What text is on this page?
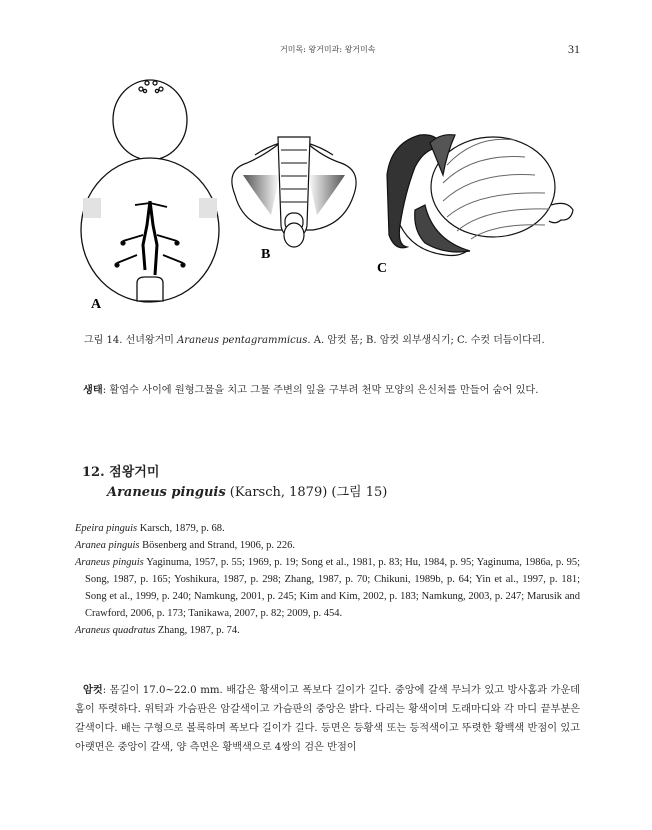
거미목: 왕거미과: 왕거미속	31
A
B
C
그림 14. 선녀왕거미 Araneus pentagrammicus. A. 암컷 몸; B. 암컷 외부생식기; C. 수컷 더듬이다리.
생태: 활엽수 사이에 원형그물을 치고 그물 주변의 잎을 구부려 천막 모양의 은신처를 만들어 숨어 있다.
12. 점왕거미
Araneus pinguis (Karsch, 1879) (그림 15)

Epeira pinguis Karsch, 1879, p. 68.

Aranea pinguis Bösenberg and Strand, 1906, p. 226.

Araneus pinguis Yaginuma, 1957, p. 55; 1969, p. 19; Song et al., 1981, p. 83; Hu, 1984, p. 95; Yaginuma, 1986a, p. 95; Song, 1987, p. 165; Yoshikura, 1987, p. 298; Zhang, 1987, p. 70; Chikuni, 1989b, p. 64; Yin et al., 1997, p. 181; Song et al., 1999, p. 240; Namkung, 2001, p. 245; Kim and Kim, 2002, p. 183; Namkung, 2003, p. 247; Marusik and Crawford, 2006, p. 173; Tanikawa, 2007, p. 82; 2009, p. 454.

Araneus quadratus Zhang, 1987, p. 74.

암컷: 몸길이 17.0~22.0 mm. 배갑은 황색이고 폭보다 길이가 길다. 중앙에 갈색 무늬가 있고 방사홈과 가운데홈이 뚜렷하다. 위턱과 가슴판은 암갈색이고 가슴판의 중앙은 밝다. 다리는 황색이며 도래마디와 각 마디 끝부분은 갈색이다. 배는 구형으로 볼록하며 폭보다 길이가 길다. 등면은 등황색 또는 등적색이고 뚜렷한 황백색 반점이 있고 아랫면은 중앙이 갈색, 양 측면은 황백색으로 4쌍의 검은 반점이
